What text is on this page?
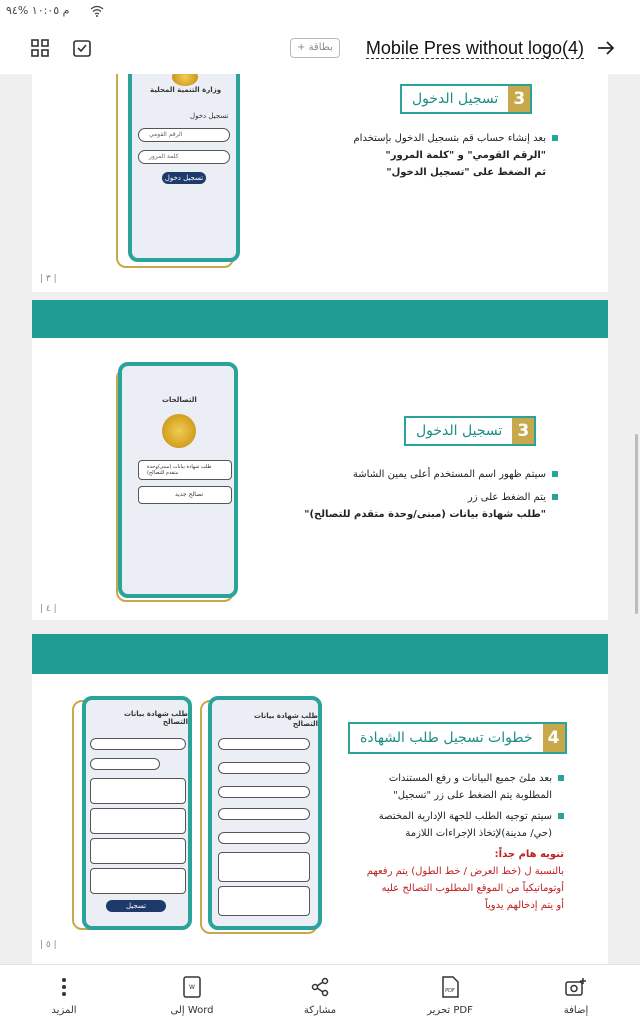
م ١٠:٠٥ %٩٤
+ بطاقة	Mobile Pres without logo(4)
وزارة التنمية المحلية
تسجيل دخول
الرقم القومي
كلمة المرور
تسجيل دخول
تسجيل الدخول 3
بعد إنشاء حساب قم بتسجيل الدخول بإستخدام
"الرقم القومي" و "كلمة المرور"
ثم الضغط على "تسجيل الدخول"
| ٣ |
التصالحات
طلب شهادة بيانات (مبنى/وحدة متقدم للتصالح)
تصالح جديد
تسجيل الدخول 3
سيتم ظهور اسم المستخدم أعلى يمين الشاشة
يتم الضغط على زر
"طلب شهادة بيانات (مبنى/وحدة متقدم للتصالح)"
| ٤ |
طلب شهادة بيانات التصالح
تسجيل
طلب شهادة بيانات التصالح
خطوات تسجيل طلب الشهادة 4
بعد ملئ جميع البيانات و رفع المستندات
المطلوبة يتم الضغط على زر "تسجيل"
سيتم توجيه الطلب للجهة الإدارية المختصة
(حي/ مدينة)لإتخاذ الإجراءات اللازمة
تنويه هام جداً:
بالنسبة ل (خط العرض / خط الطول) يتم رفعهم
أوتوماتيكياً من الموقع المطلوب التصالح عليه
أو يتم إدخالهم يدوياً
| ٥ |
المزيد
W
إلى Word	مشاركة
PDF
تحرير PDF	إضافة
